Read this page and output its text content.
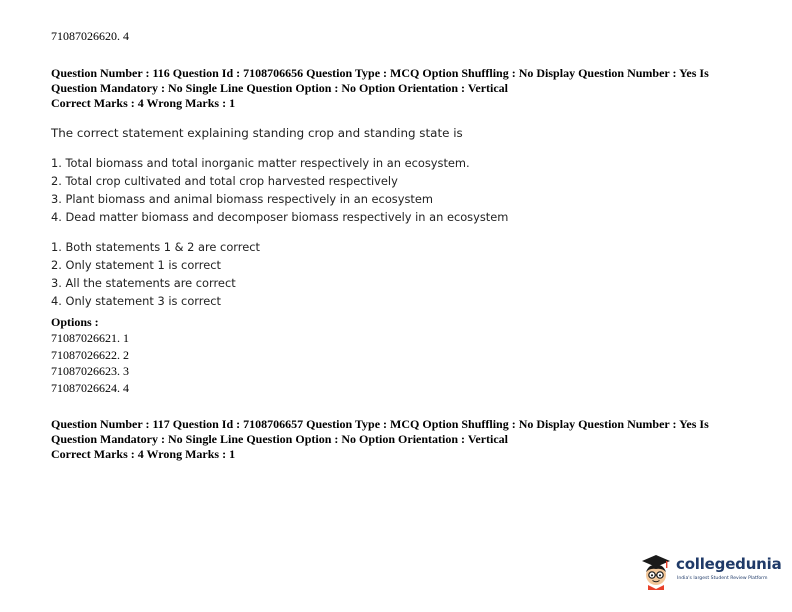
71087026620. 4
Question Number : 116 Question Id : 7108706656 Question Type : MCQ Option Shuffling : No Display Question Number : Yes Is
Question Mandatory : No Single Line Question Option : No Option Orientation : Vertical
Correct Marks : 4 Wrong Marks : 1
The correct statement explaining standing crop and standing state is
1. Total biomass and total inorganic matter respectively in an ecosystem.
2. Total crop cultivated and total crop harvested respectively
3. Plant biomass and animal biomass respectively in an ecosystem
4. Dead matter biomass and decomposer biomass respectively in an ecosystem
1. Both statements 1 & 2 are correct
2. Only statement 1 is correct
3. All the statements are correct
4. Only statement 3 is correct
Options :
71087026621. 1
71087026622. 2
71087026623. 3
71087026624. 4
Question Number : 117 Question Id : 7108706657 Question Type : MCQ Option Shuffling : No Display Question Number : Yes Is
Question Mandatory : No Single Line Question Option : No Option Orientation : Vertical
Correct Marks : 4 Wrong Marks : 1
collegedunia
India's largest Student Review Platform
